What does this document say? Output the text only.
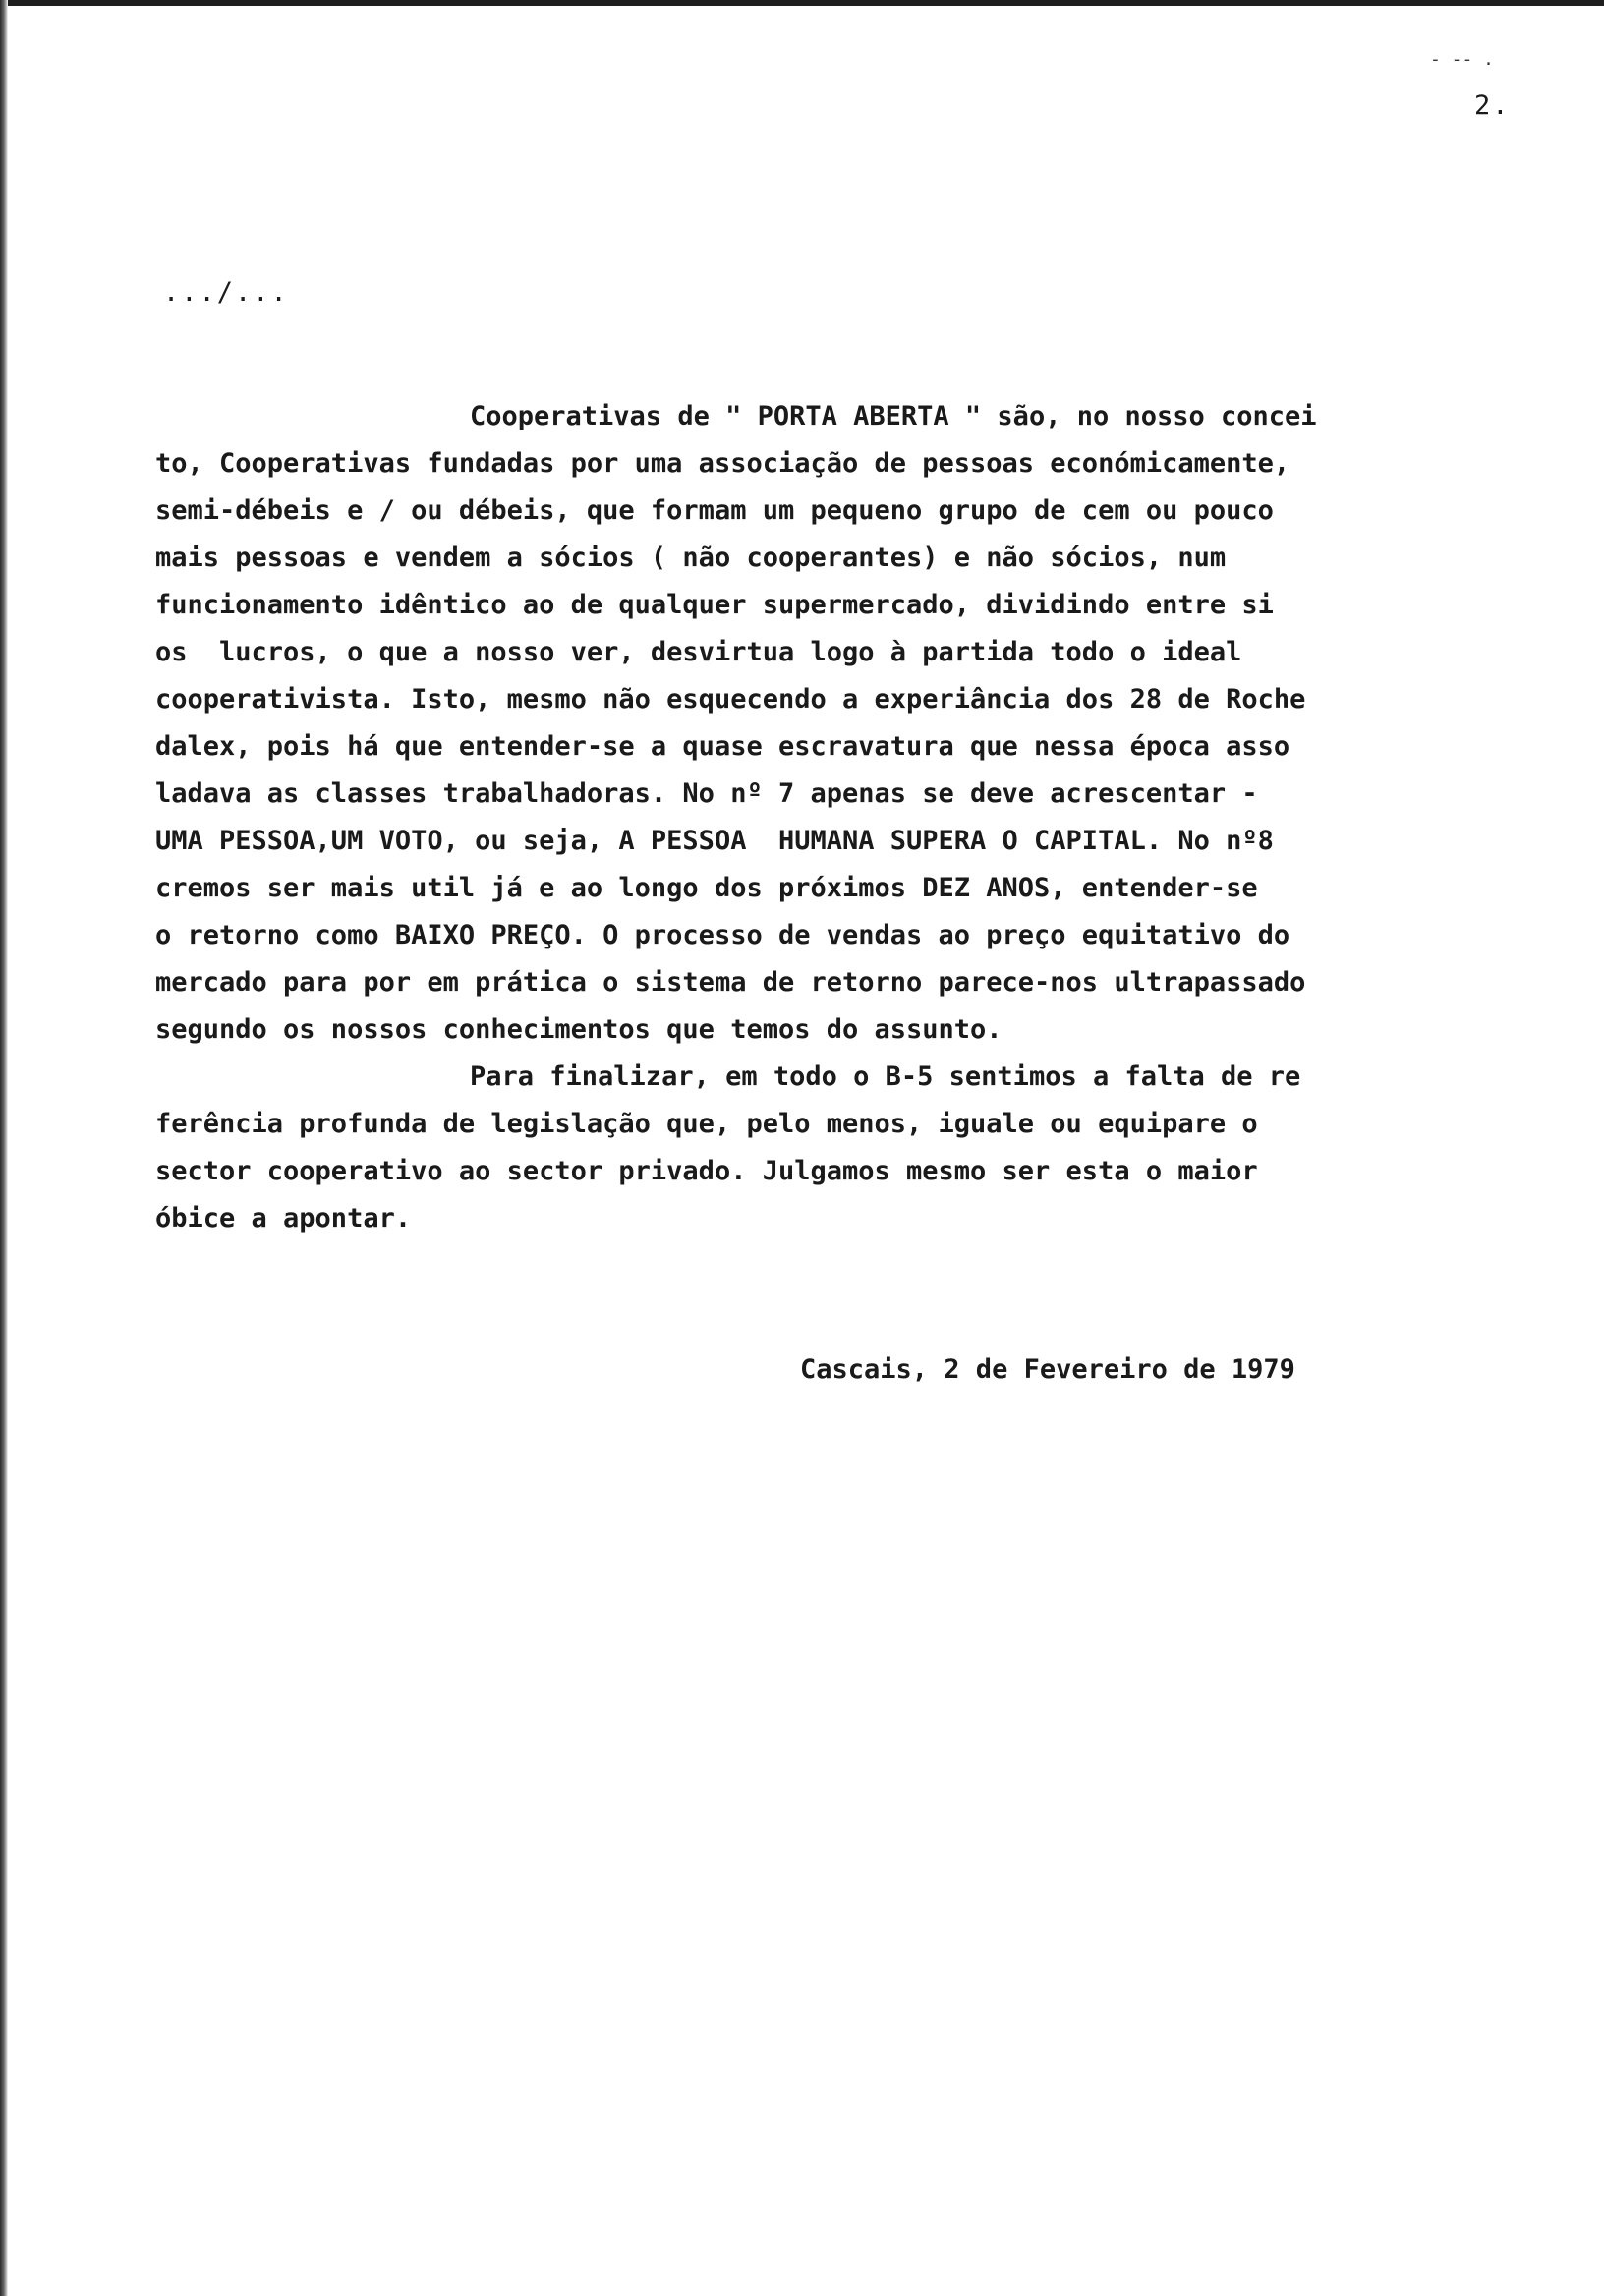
- -- .
2.
.../...
Cooperativas de " PORTA ABERTA " são, no nosso concei
to, Cooperativas fundadas por uma associação de pessoas económicamente,
semi-débeis e / ou débeis, que formam um pequeno grupo de cem ou pouco
mais pessoas e vendem a sócios ( não cooperantes) e não sócios, num
funcionamento idêntico ao de qualquer supermercado, dividindo entre si
os  lucros, o que a nosso ver, desvirtua logo à partida todo o ideal
cooperativista. Isto, mesmo não esquecendo a experiância dos 28 de Roche
dalex, pois há que entender-se a quase escravatura que nessa época asso
ladava as classes trabalhadoras. No nº 7 apenas se deve acrescentar -
UMA PESSOA,UM VOTO, ou seja, A PESSOA  HUMANA SUPERA O CAPITAL. No nº8
cremos ser mais util já e ao longo dos próximos DEZ ANOS, entender-se
o retorno como BAIXO PREÇO. O processo de vendas ao preço equitativo do
mercado para por em prática o sistema de retorno parece-nos ultrapassado
segundo os nossos conhecimentos que temos do assunto.
Para finalizar, em todo o B-5 sentimos a falta de re
ferência profunda de legislação que, pelo menos, iguale ou equipare o
sector cooperativo ao sector privado. Julgamos mesmo ser esta o maior
óbice a apontar.
Cascais, 2 de Fevereiro de 1979
